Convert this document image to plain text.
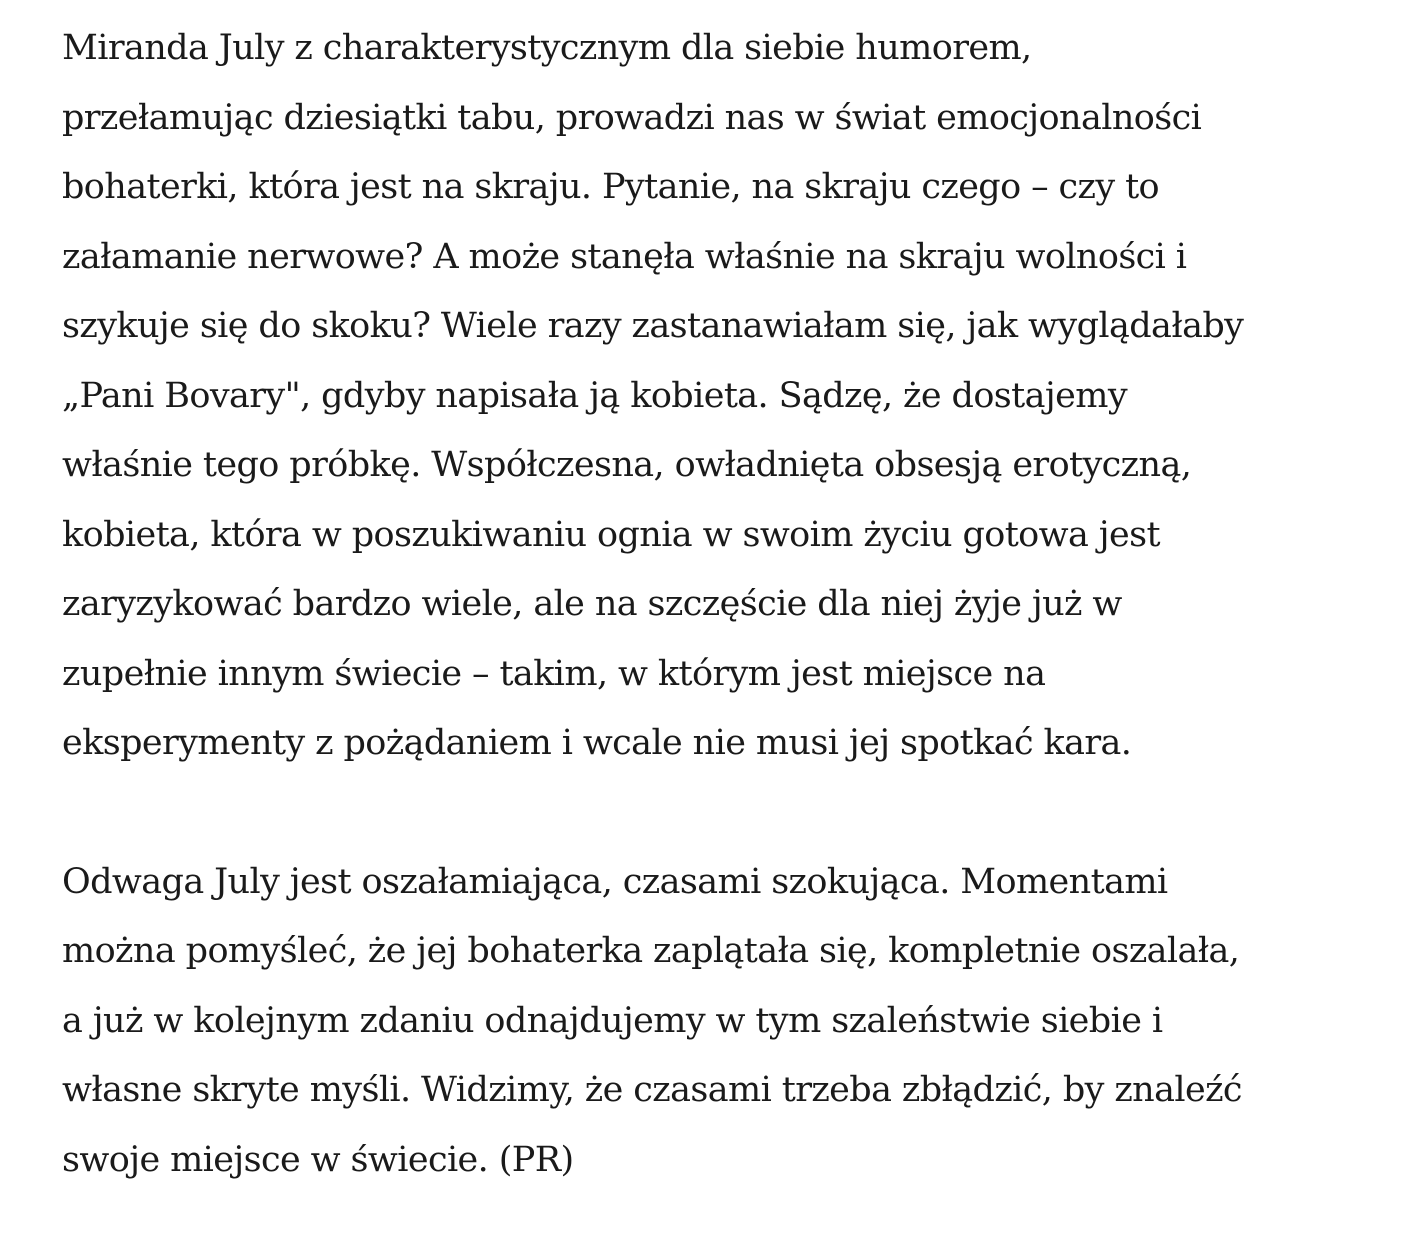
Miranda July z charakterystycznym dla siebie humorem,
przełamując dziesiątki tabu, prowadzi nas w świat emocjonalności
bohaterki, która jest na skraju. Pytanie, na skraju czego – czy to
załamanie nerwowe? A może stanęła właśnie na skraju wolności i
szykuje się do skoku? Wiele razy zastanawiałam się, jak wyglądałaby
„Pani Bovary", gdyby napisała ją kobieta. Sądzę, że dostajemy
właśnie tego próbkę. Współczesna, owładnięta obsesją erotyczną,
kobieta, która w poszukiwaniu ognia w swoim życiu gotowa jest
zaryzykować bardzo wiele, ale na szczęście dla niej żyje już w
zupełnie innym świecie – takim, w którym jest miejsce na
eksperymenty z pożądaniem i wcale nie musi jej spotkać kara.

Odwaga July jest oszałamiająca, czasami szokująca. Momentami
można pomyśleć, że jej bohaterka zaplątała się, kompletnie oszalała,
a już w kolejnym zdaniu odnajdujemy w tym szaleństwie siebie i
własne skryte myśli. Widzimy, że czasami trzeba zbłądzić, by znaleźć
swoje miejsce w świecie. (PR)
